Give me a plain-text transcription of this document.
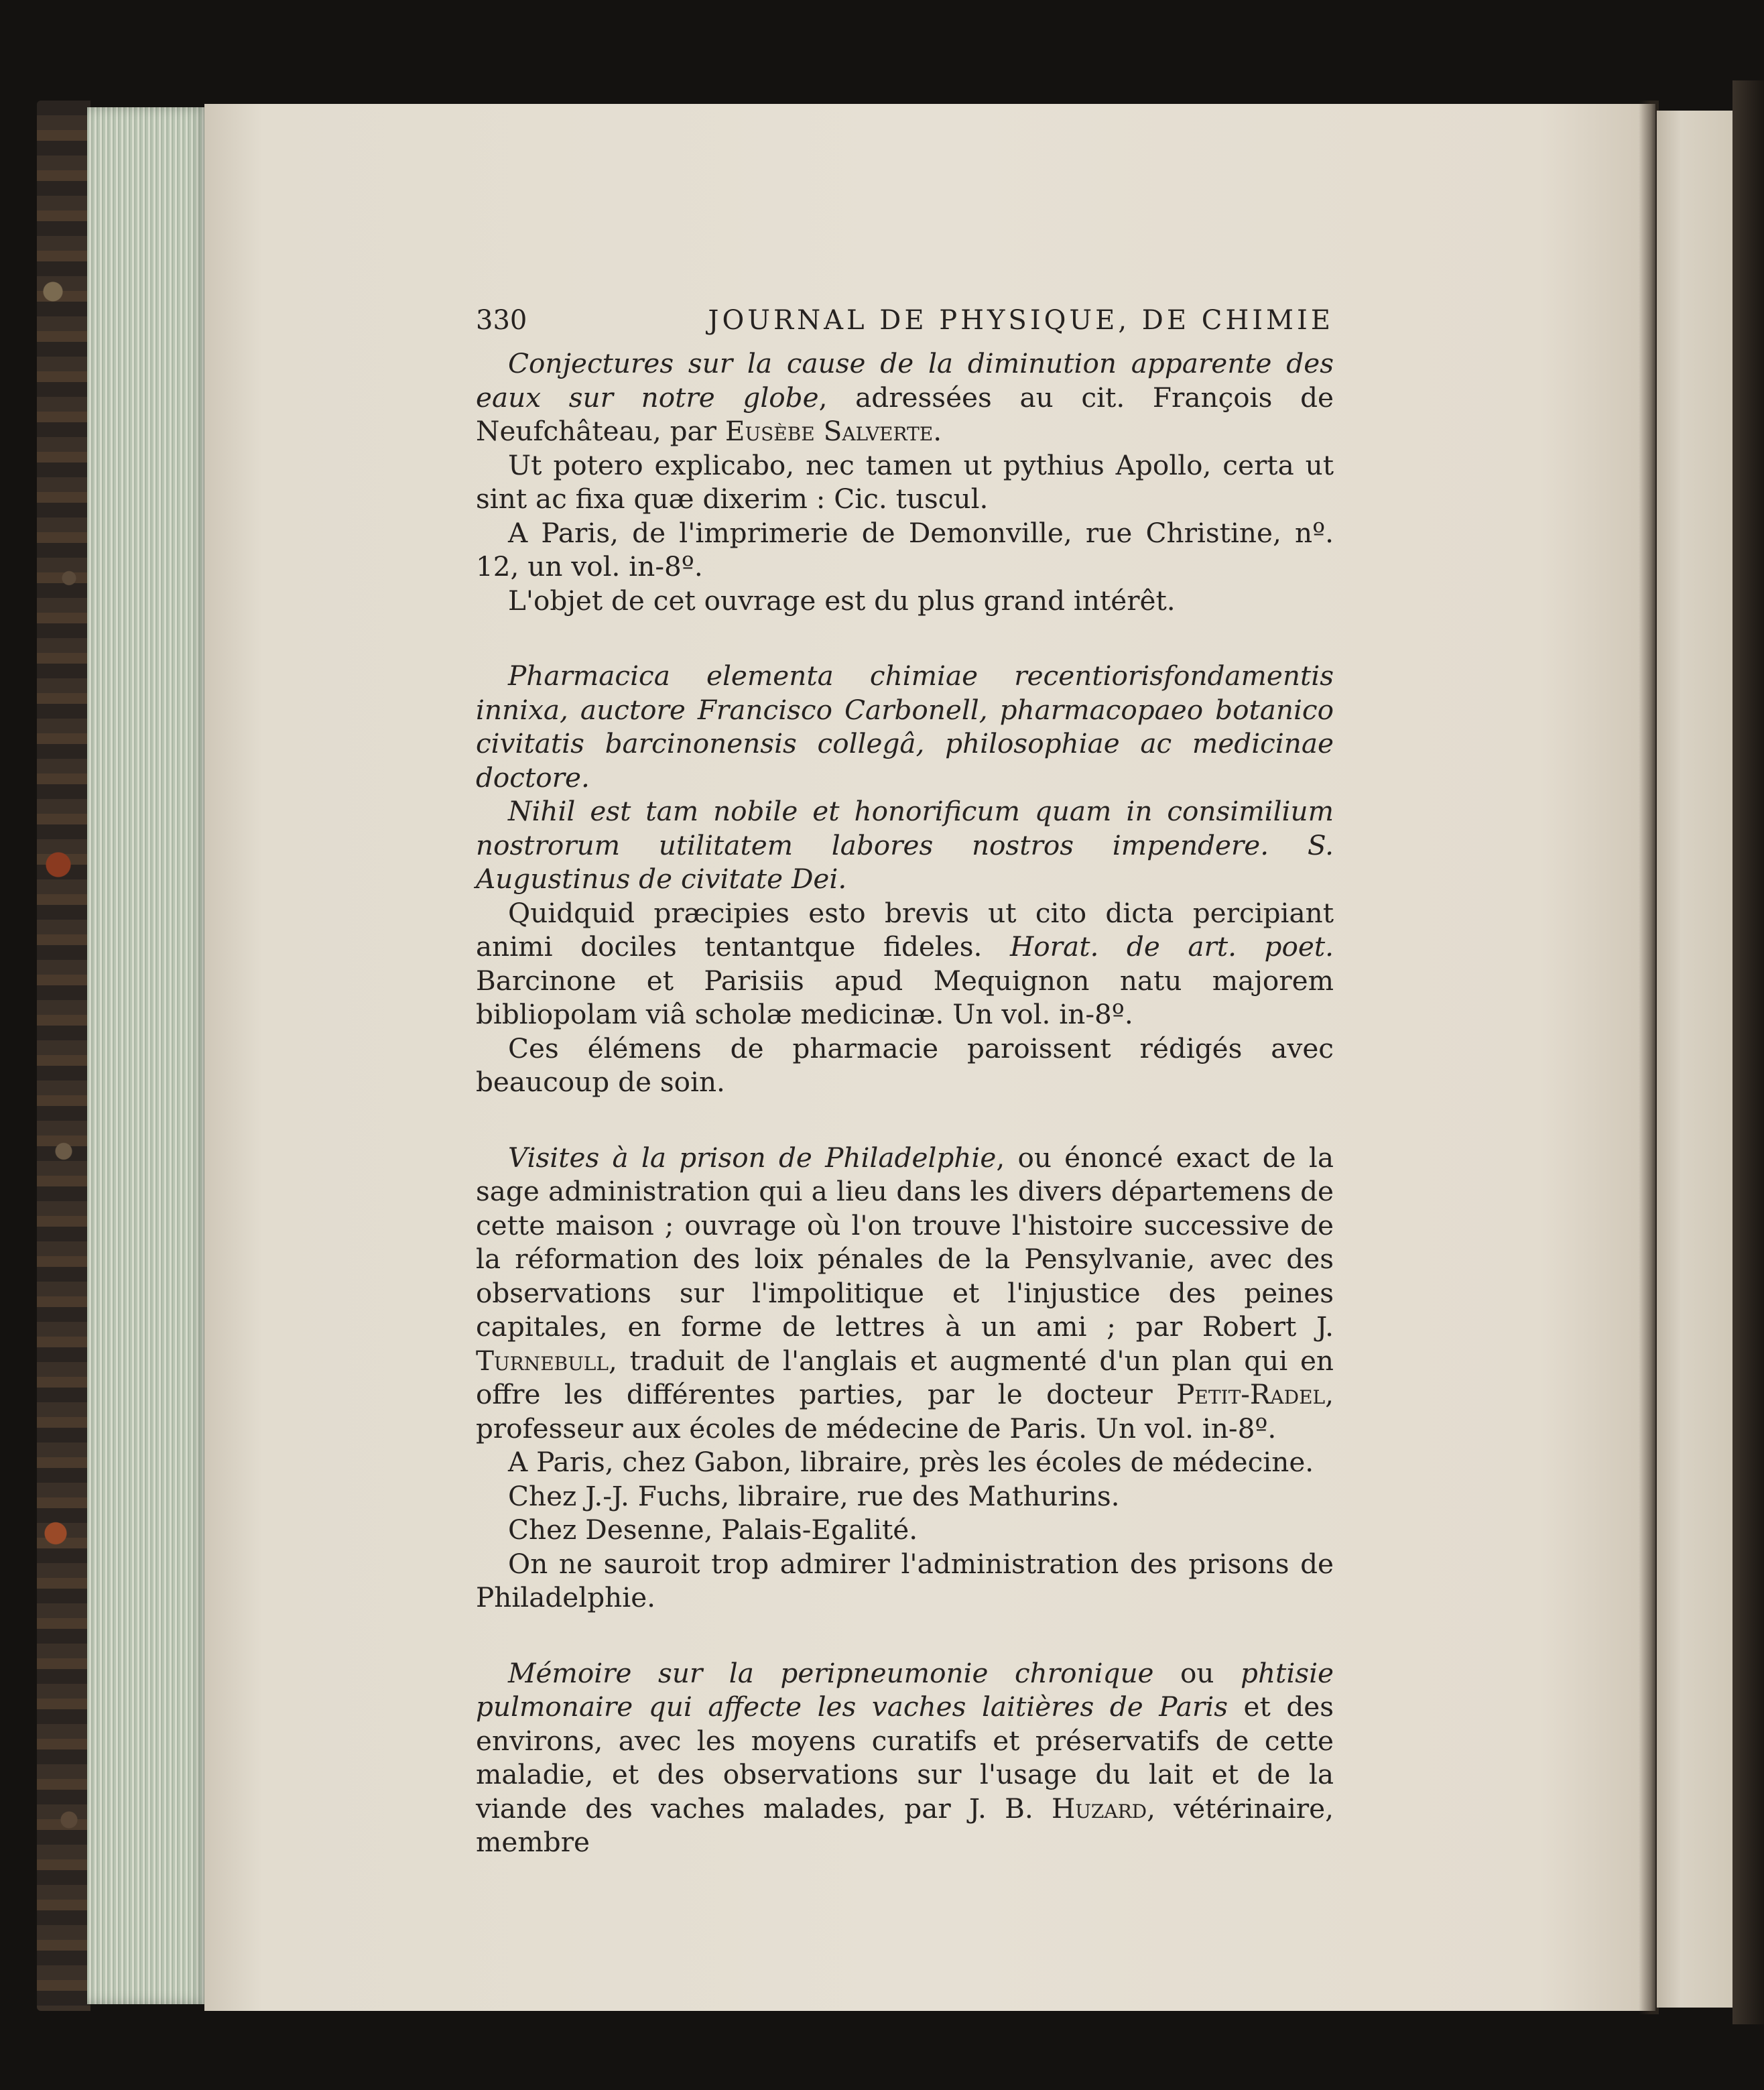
330	JOURNAL DE PHYSIQUE, DE CHIMIE

Conjectures sur la cause de la diminution apparente des eaux sur notre globe, adressées au cit. François de Neufchâteau, par Eusèbe Salverte.

Ut potero explicabo, nec tamen ut pythius Apollo, certa ut sint ac fixa quæ dixerim : Cic. tuscul.

A Paris, de l'imprimerie de Demonville, rue Christine, nº. 12, un vol. in-8º.

L'objet de cet ouvrage est du plus grand intérêt.

Pharmacica elementa chimiae recentiorisfondamentis innixa, auctore Francisco Carbonell, pharmacopaeo botanico civitatis barcinonensis collegâ, philosophiae ac medicinae doctore.

Nihil est tam nobile et honorificum quam in consimilium nostrorum utilitatem labores nostros impendere. S. Augustinus de civitate Dei.

Quidquid præcipies esto brevis ut cito dicta percipiant animi dociles tentantque fideles. Horat. de art. poet. Barcinone et Parisiis apud Mequignon natu majorem bibliopolam viâ scholæ medicinæ. Un vol. in-8º.

Ces élémens de pharmacie paroissent rédigés avec beaucoup de soin.

Visites à la prison de Philadelphie, ou énoncé exact de la sage administration qui a lieu dans les divers départemens de cette maison ; ouvrage où l'on trouve l'histoire successive de la réformation des loix pénales de la Pensylvanie, avec des observations sur l'impolitique et l'injustice des peines capitales, en forme de lettres à un ami ; par Robert J. Turnebull, traduit de l'anglais et augmenté d'un plan qui en offre les différentes parties, par le docteur Petit-Radel, professeur aux écoles de médecine de Paris. Un vol. in-8º.

A Paris, chez Gabon, libraire, près les écoles de médecine.

Chez J.-J. Fuchs, libraire, rue des Mathurins.

Chez Desenne, Palais-Egalité.

On ne sauroit trop admirer l'administration des prisons de Philadelphie.

Mémoire sur la peripneumonie chronique ou phtisie pulmonaire qui affecte les vaches laitières de Paris et des environs, avec les moyens curatifs et préservatifs de cette maladie, et des observations sur l'usage du lait et de la viande des vaches malades, par J. B. Huzard, vétérinaire, membre
